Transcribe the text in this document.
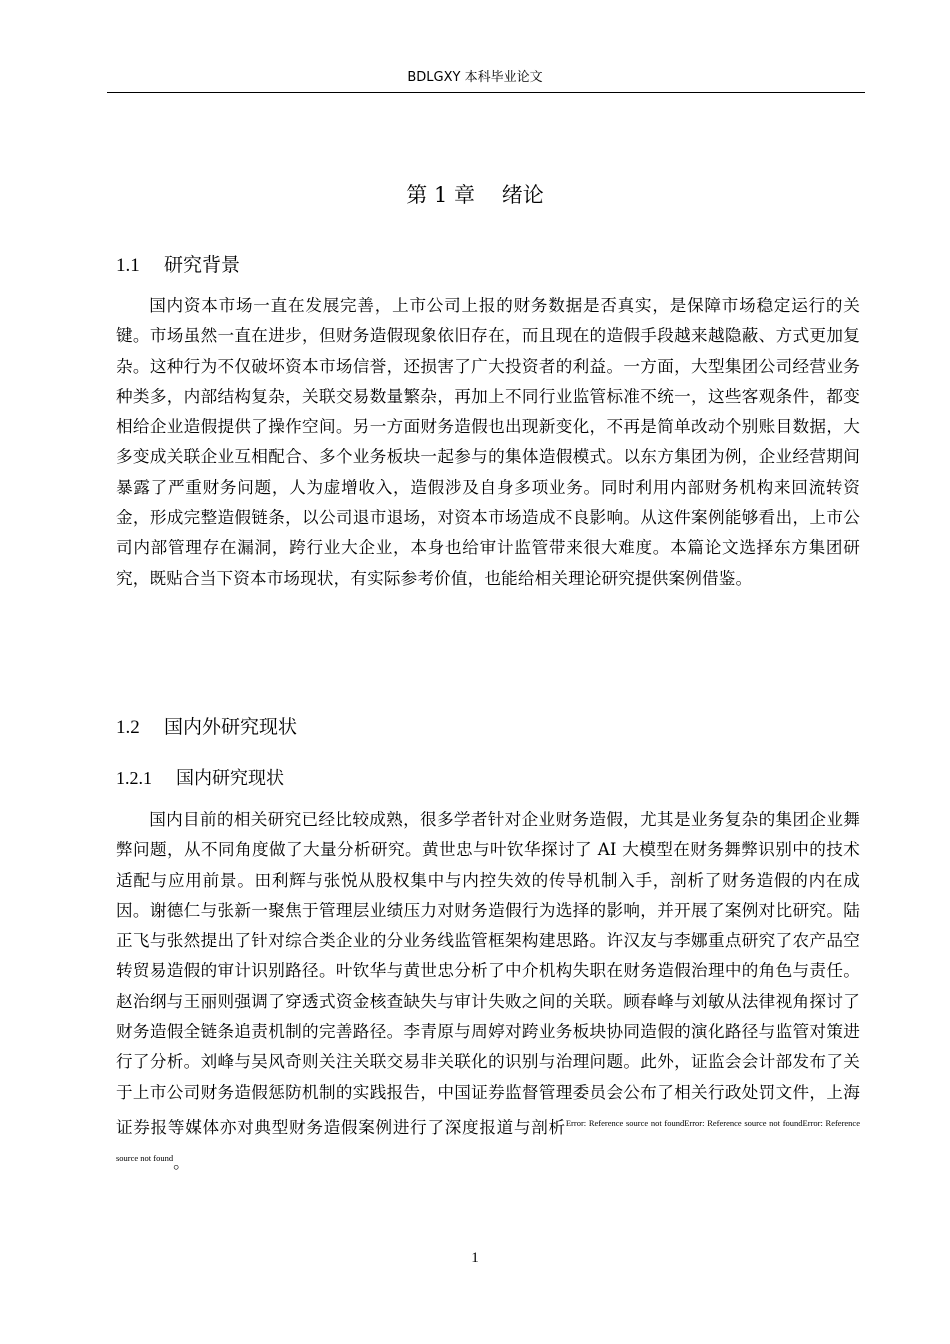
BDLGXY 本科毕业论文
第 1 章 绪论
1.1 研究背景

国内资本市场一直在发展完善，上市公司上报的财务数据是否真实，是保障市场稳定运行的关键。市场虽然一直在进步，但财务造假现象依旧存在，而且现在的造假手段越来越隐蔽、方式更加复杂。这种行为不仅破坏资本市场信誉，还损害了广大投资者的利益。一方面，大型集团公司经营业务种类多，内部结构复杂，关联交易数量繁杂，再加上不同行业监管标准不统一，这些客观条件，都变相给企业造假提供了操作空间。另一方面财务造假也出现新变化，不再是简单改动个别账目数据，大多变成关联企业互相配合、多个业务板块一起参与的集体造假模式。以东方集团为例，企业经营期间暴露了严重财务问题，人为虚增收入，造假涉及自身多项业务。同时利用内部财务机构来回流转资金，形成完整造假链条，以公司退市退场，对资本市场造成不良影响。从这件案例能够看出，上市公司内部管理存在漏洞，跨行业大企业，本身也给审计监管带来很大难度。本篇论文选择东方集团研究，既贴合当下资本市场现状，有实际参考价值，也能给相关理论研究提供案例借鉴。

1.2 国内外研究现状
1.2.1 国内研究现状

国内目前的相关研究已经比较成熟，很多学者针对企业财务造假，尤其是业务复杂的集团企业舞弊问题，从不同角度做了大量分析研究。黄世忠与叶钦华探讨了 AI 大模型在财务舞弊识别中的技术适配与应用前景。田利辉与张悦从股权集中与内控失效的传导机制入手，剖析了财务造假的内在成因。谢德仁与张新一聚焦于管理层业绩压力对财务造假行为选择的影响，并开展了案例对比研究。陆正飞与张然提出了针对综合类企业的分业务线监管框架构建思路。许汉友与李娜重点研究了农产品空转贸易造假的审计识别路径。叶钦华与黄世忠分析了中介机构失职在财务造假治理中的角色与责任。赵治纲与王丽则强调了穿透式资金核查缺失与审计失败之间的关联。顾春峰与刘敏从法律视角探讨了财务造假全链条追责机制的完善路径。李青原与周婷对跨业务板块协同造假的演化路径与监管对策进行了分析。刘峰与吴风奇则关注关联交易非关联化的识别与治理问题。此外，证监会会计部发布了关于上市公司财务造假惩防机制的实践报告，中国证券监督管理委员会公布了相关行政处罚文件，上海证券报等媒体亦对典型财务造假案例进行了深度报道与剖析$^{Error: Reference source not foundError: Reference source not foundError: Reference source not found}$。

1
